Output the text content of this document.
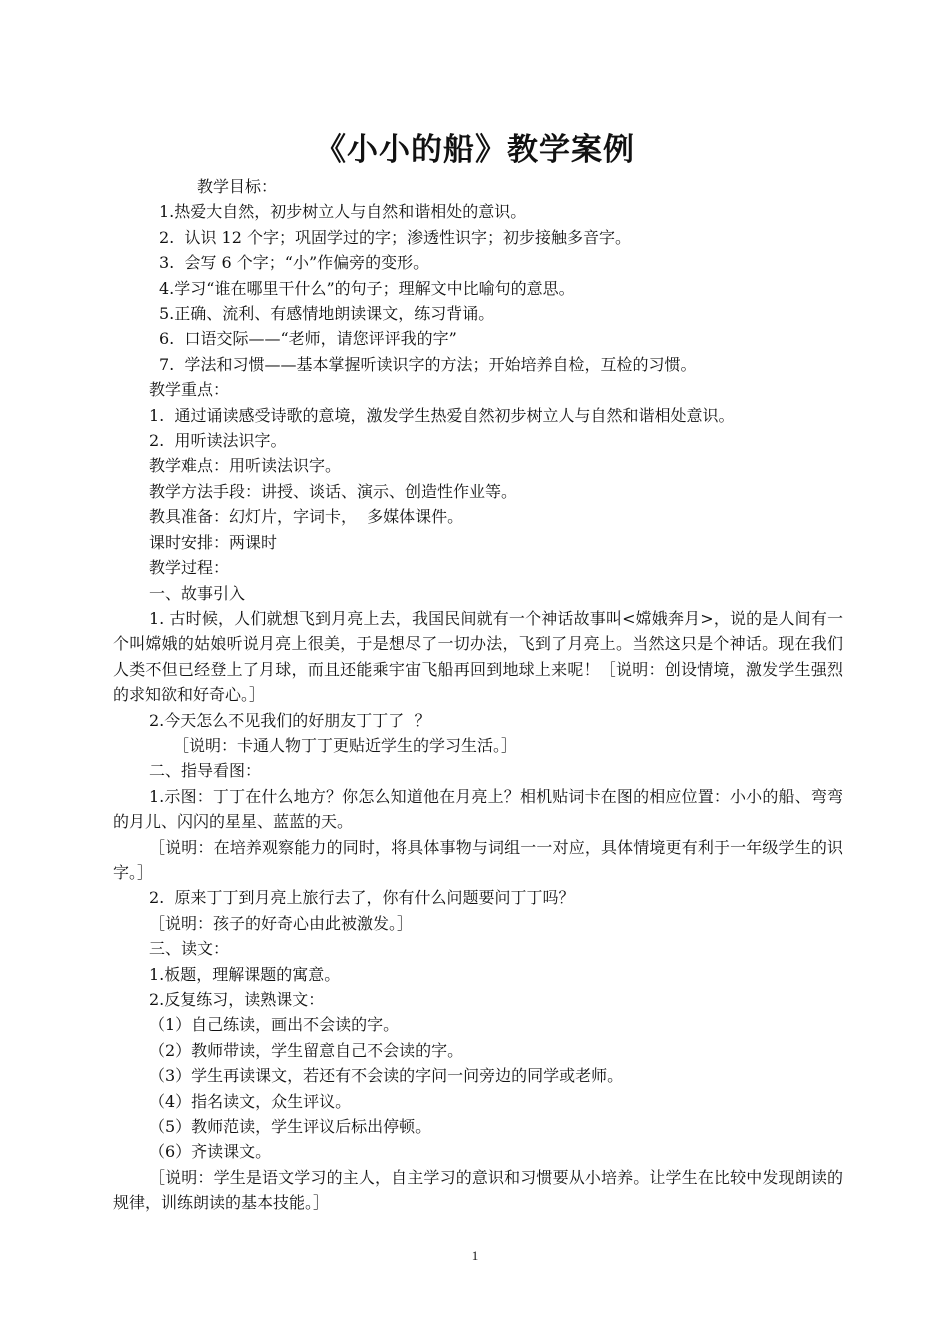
《小小的船》教学案例

教学目标：

1.热爱大自然，初步树立人与自然和谐相处的意识。

2.  认识 12 个字；巩固学过的字；渗透性识字；初步接触多音字。

3.  会写 6 个字；“小”作偏旁的变形。

4.学习“谁在哪里干什么”的句子；理解文中比喻句的意思。

5.正确、流利、有感情地朗读课文，练习背诵。

6.  口语交际——“老师，请您评评我的字”

7.  学法和习惯——基本掌握听读识字的方法；开始培养自检，互检的习惯。

教学重点：

1.  通过诵读感受诗歌的意境，激发学生热爱自然初步树立人与自然和谐相处意识。

2.  用听读法识字。

教学难点：用听读法识字。

教学方法手段：讲授、谈话、演示、创造性作业等。

教具准备：幻灯片，字词卡，  多媒体课件。

课时安排：两课时

教学过程：

一、故事引入

1. 古时候，人们就想飞到月亮上去，我国民间就有一个神话故事叫<嫦娥奔月>，说的是人间有一个叫嫦娥的姑娘听说月亮上很美，于是想尽了一切办法，飞到了月亮上。当然这只是个神话。现在我们人类不但已经登上了月球，而且还能乘宇宙飞船再回到地球上来呢！［说明：创设情境，激发学生强烈的求知欲和好奇心。］

2.今天怎么不见我们的好朋友丁丁了  ？

［说明：卡通人物丁丁更贴近学生的学习生活。］

二、指导看图：

1.示图：丁丁在什么地方？你怎么知道他在月亮上？相机贴词卡在图的相应位置：小小的船、弯弯的月儿、闪闪的星星、蓝蓝的天。

［说明：在培养观察能力的同时，将具体事物与词组一一对应，具体情境更有利于一年级学生的识字。］

2.  原来丁丁到月亮上旅行去了，你有什么问题要问丁丁吗？

［说明：孩子的好奇心由此被激发。］

三、读文：

1.板题，理解课题的寓意。

2.反复练习，读熟课文：

（1）自己练读，画出不会读的字。

（2）教师带读，学生留意自己不会读的字。

（3）学生再读课文，若还有不会读的字问一问旁边的同学或老师。

（4）指名读文，众生评议。

（5）教师范读，学生评议后标出停顿。

（6）齐读课文。

［说明：学生是语文学习的主人，自主学习的意识和习惯要从小培养。让学生在比较中发现朗读的规律，训练朗读的基本技能。］

1
